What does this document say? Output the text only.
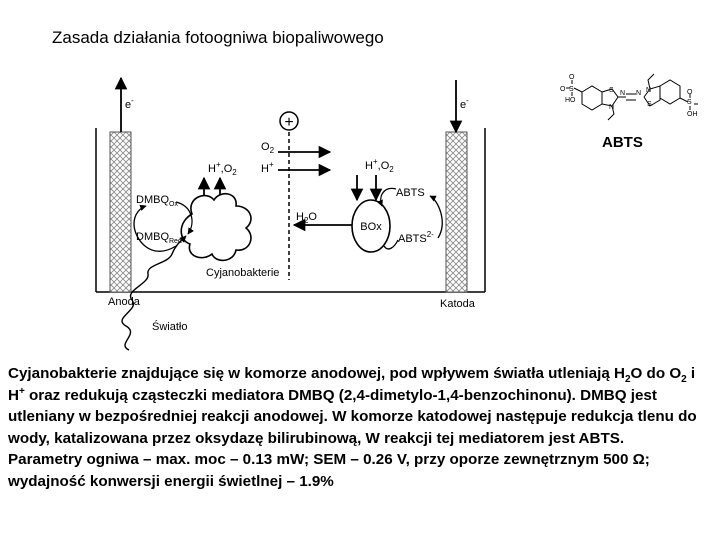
Zasada działania fotoogniwa biopaliwowego
e-	e-
+
$O_2$
H+
$H^+,O_2$
Cyjanobakterie
$DMBQ_{Ox}$
$DMBQ_{Red}$
$H_2O$
$H^+,O_2$
BOx
ABTS
$ABTS^{2-}$
Anoda	Katoda
Światło
O
S
O
HO	S
O
OH
S
S
N
N N N
ABTS

Cyjanobakterie znajdujące się w komorze anodowej, pod wpływem światła utleniają $H_2O$ do $O_2$ i H+ oraz redukują cząsteczki mediatora DMBQ (2,4-dimetylo-1,4-benzochinonu). DMBQ jest utleniany w bezpośredniej reakcji anodowej. W komorze katodowej następuje redukcja tlenu do wody, katalizowana przez oksydazę bilirubinową, W reakcji tej mediatorem jest ABTS.

Parametry ogniwa – max. moc – 0.13 mW; SEM – 0.26 V, przy oporze zewnętrznym 500 Ω; wydajność konwersji energii świetlnej – 1.9%
